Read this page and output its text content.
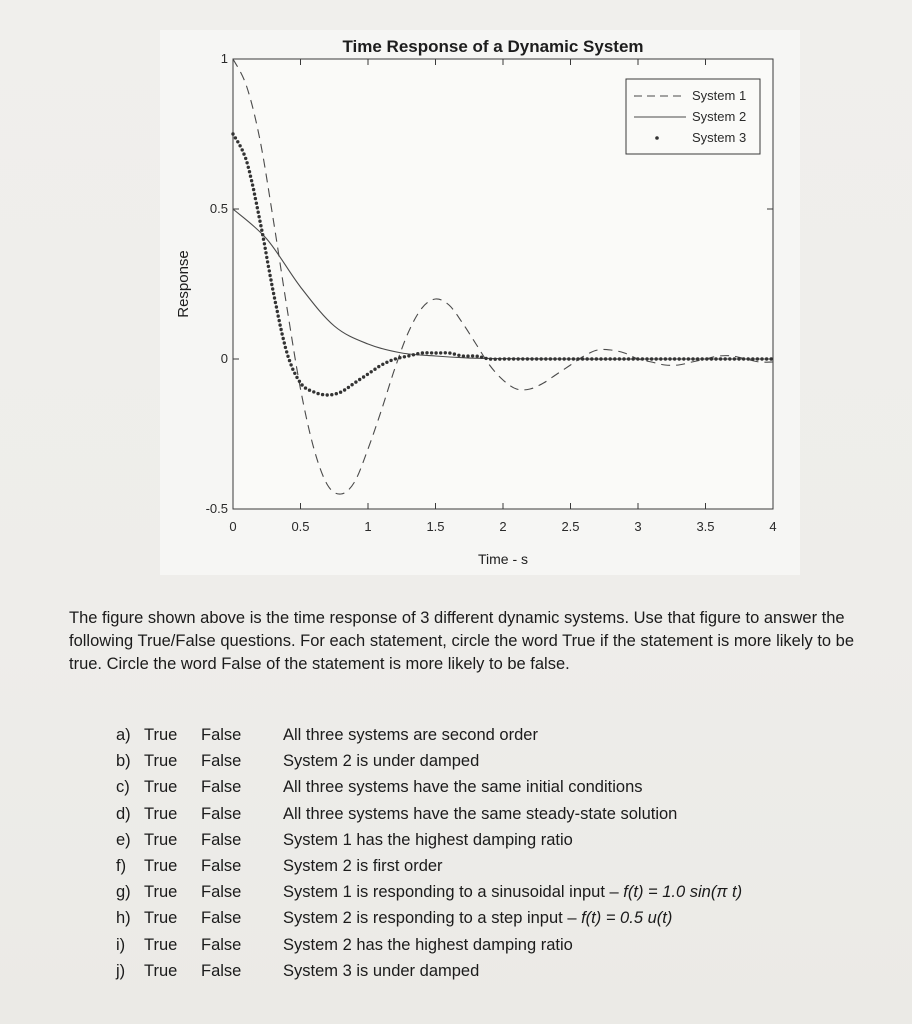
0	0.5	1	1.5	2	2.5	3	3.5	4
-0.5
0
0.5
1
Time Response of a Dynamic System
Time - s
Response
System 1
System 2
System 3

The figure shown above is the time response of 3 different dynamic systems. Use that figure to answer the following True/False questions. For each statement, circle the word True if the statement is more likely to be true. Circle the word False of the statement is more likely to be false.

a) True	False	All three systems are second order
b) True	False	System 2 is under damped
c) True	False	All three systems have the same initial conditions
d) True	False	All three systems have the same steady-state solution
e) True	False	System 1 has the highest damping ratio
f)	True	False	System 2 is first order
g) True	False	System 1 is responding to a sinusoidal input – f(t) = 1.0 sin(π t)
h) True	False	System 2 is responding to a step input – f(t) = 0.5 u(t)
i)	True	False	System 2 has the highest damping ratio
j)	True	False	System 3 is under damped
